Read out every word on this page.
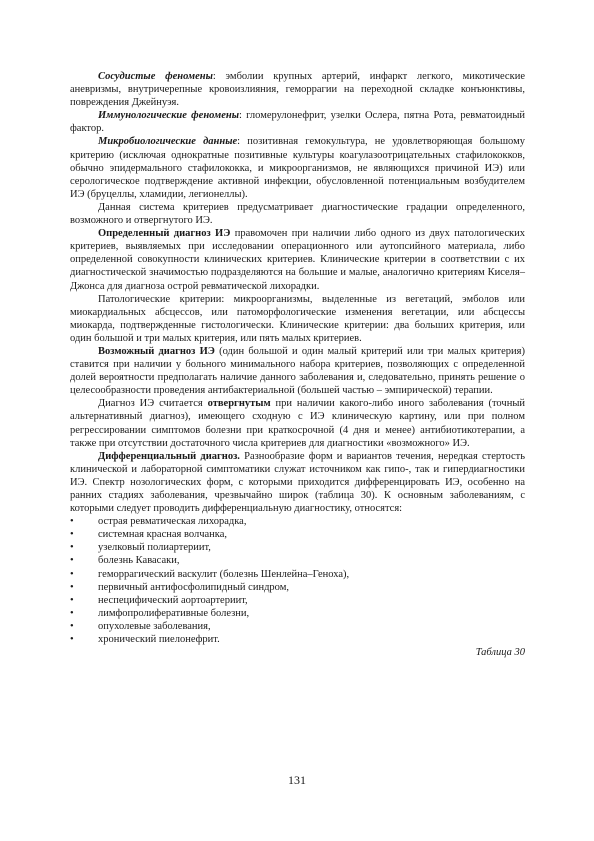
Сосудистые феномены: эмболии крупных артерий, инфаркт легкого, микотические аневризмы, внутричерепные кровоизлияния, геморрагии на переходной складке конъюнктивы, повреждения Джейнуэя.

Иммунологические феномены: гломерулонефрит, узелки Ослера, пятна Рота, ревматоидный фактор.

Микробиологические данные: позитивная гемокультура, не удовлетворяющая большому критерию (исключая однократные позитивные культуры коагулазоотрицательных стафилококков, обычно эпидермального стафилококка, и микроорганизмов, не являющихся причиной ИЭ) или серологическое подтверждение активной инфекции, обусловленной потенциальным возбудителем ИЭ (бруцеллы, хламидии, легионеллы).

Данная система критериев предусматривает диагностические градации определенного, возможного и отвергнутого ИЭ.

Определенный диагноз ИЭ правомочен при наличии либо одного из двух патологических критериев, выявляемых при исследовании операционного или аутопсийного материала, либо определенной совокупности клинических критериев. Клинические критерии в соответствии с их диагностической значимостью подразделяются на большие и малые, аналогично критериям Киселя–Джонса для диагноза острой ревматической лихорадки.

Патологические критерии: микроорганизмы, выделенные из вегетаций, эмболов или миокардиальных абсцессов, или патоморфологические изменения вегетации, или абсцессы миокарда, подтвержденные гистологически. Клинические критерии: два больших критерия, или один большой и три малых критерия, или пять малых критериев.

Возможный диагноз ИЭ (один большой и один малый критерий или три малых критерия) ставится при наличии у больного минимального набора критериев, позволяющих с определенной долей вероятности предполагать наличие данного заболевания и, следовательно, принять решение о целесообразности проведения антибактериальной (большей частью – эмпирической) терапии.

Диагноз ИЭ считается отвергнутым при наличии какого-либо иного заболевания (точный альтернативный диагноз), имеющего сходную с ИЭ клиническую картину, или при полном регрессировании симптомов болезни при краткосрочной (4 дня и менее) антибиотикотерапии, а также при отсутствии достаточного числа критериев для диагностики «возможного» ИЭ.

Дифференциальный диагноз. Разнообразие форм и вариантов течения, нередкая стертость клинической и лабораторной симптоматики служат источником как гипо-, так и гипердиагностики ИЭ. Спектр нозологических форм, с которыми приходится дифференцировать ИЭ, особенно на ранних стадиях заболевания, чрезвычайно широк (таблица 30). К основным заболеваниям, с которыми следует проводить дифференциальную диагностику, относятся:

• острая ревматическая лихорадка,
• системная красная волчанка,
• узелковый полиартериит,
• болезнь Кавасаки,
• геморрагический васкулит (болезнь Шенлейна–Геноха),
• первичный антифосфолипидный синдром,
• неспецифический аортоартериит,
• лимфопролиферативные болезни,
• опухолевые заболевания,
• хронический пиелонефрит.

Таблица 30

131
